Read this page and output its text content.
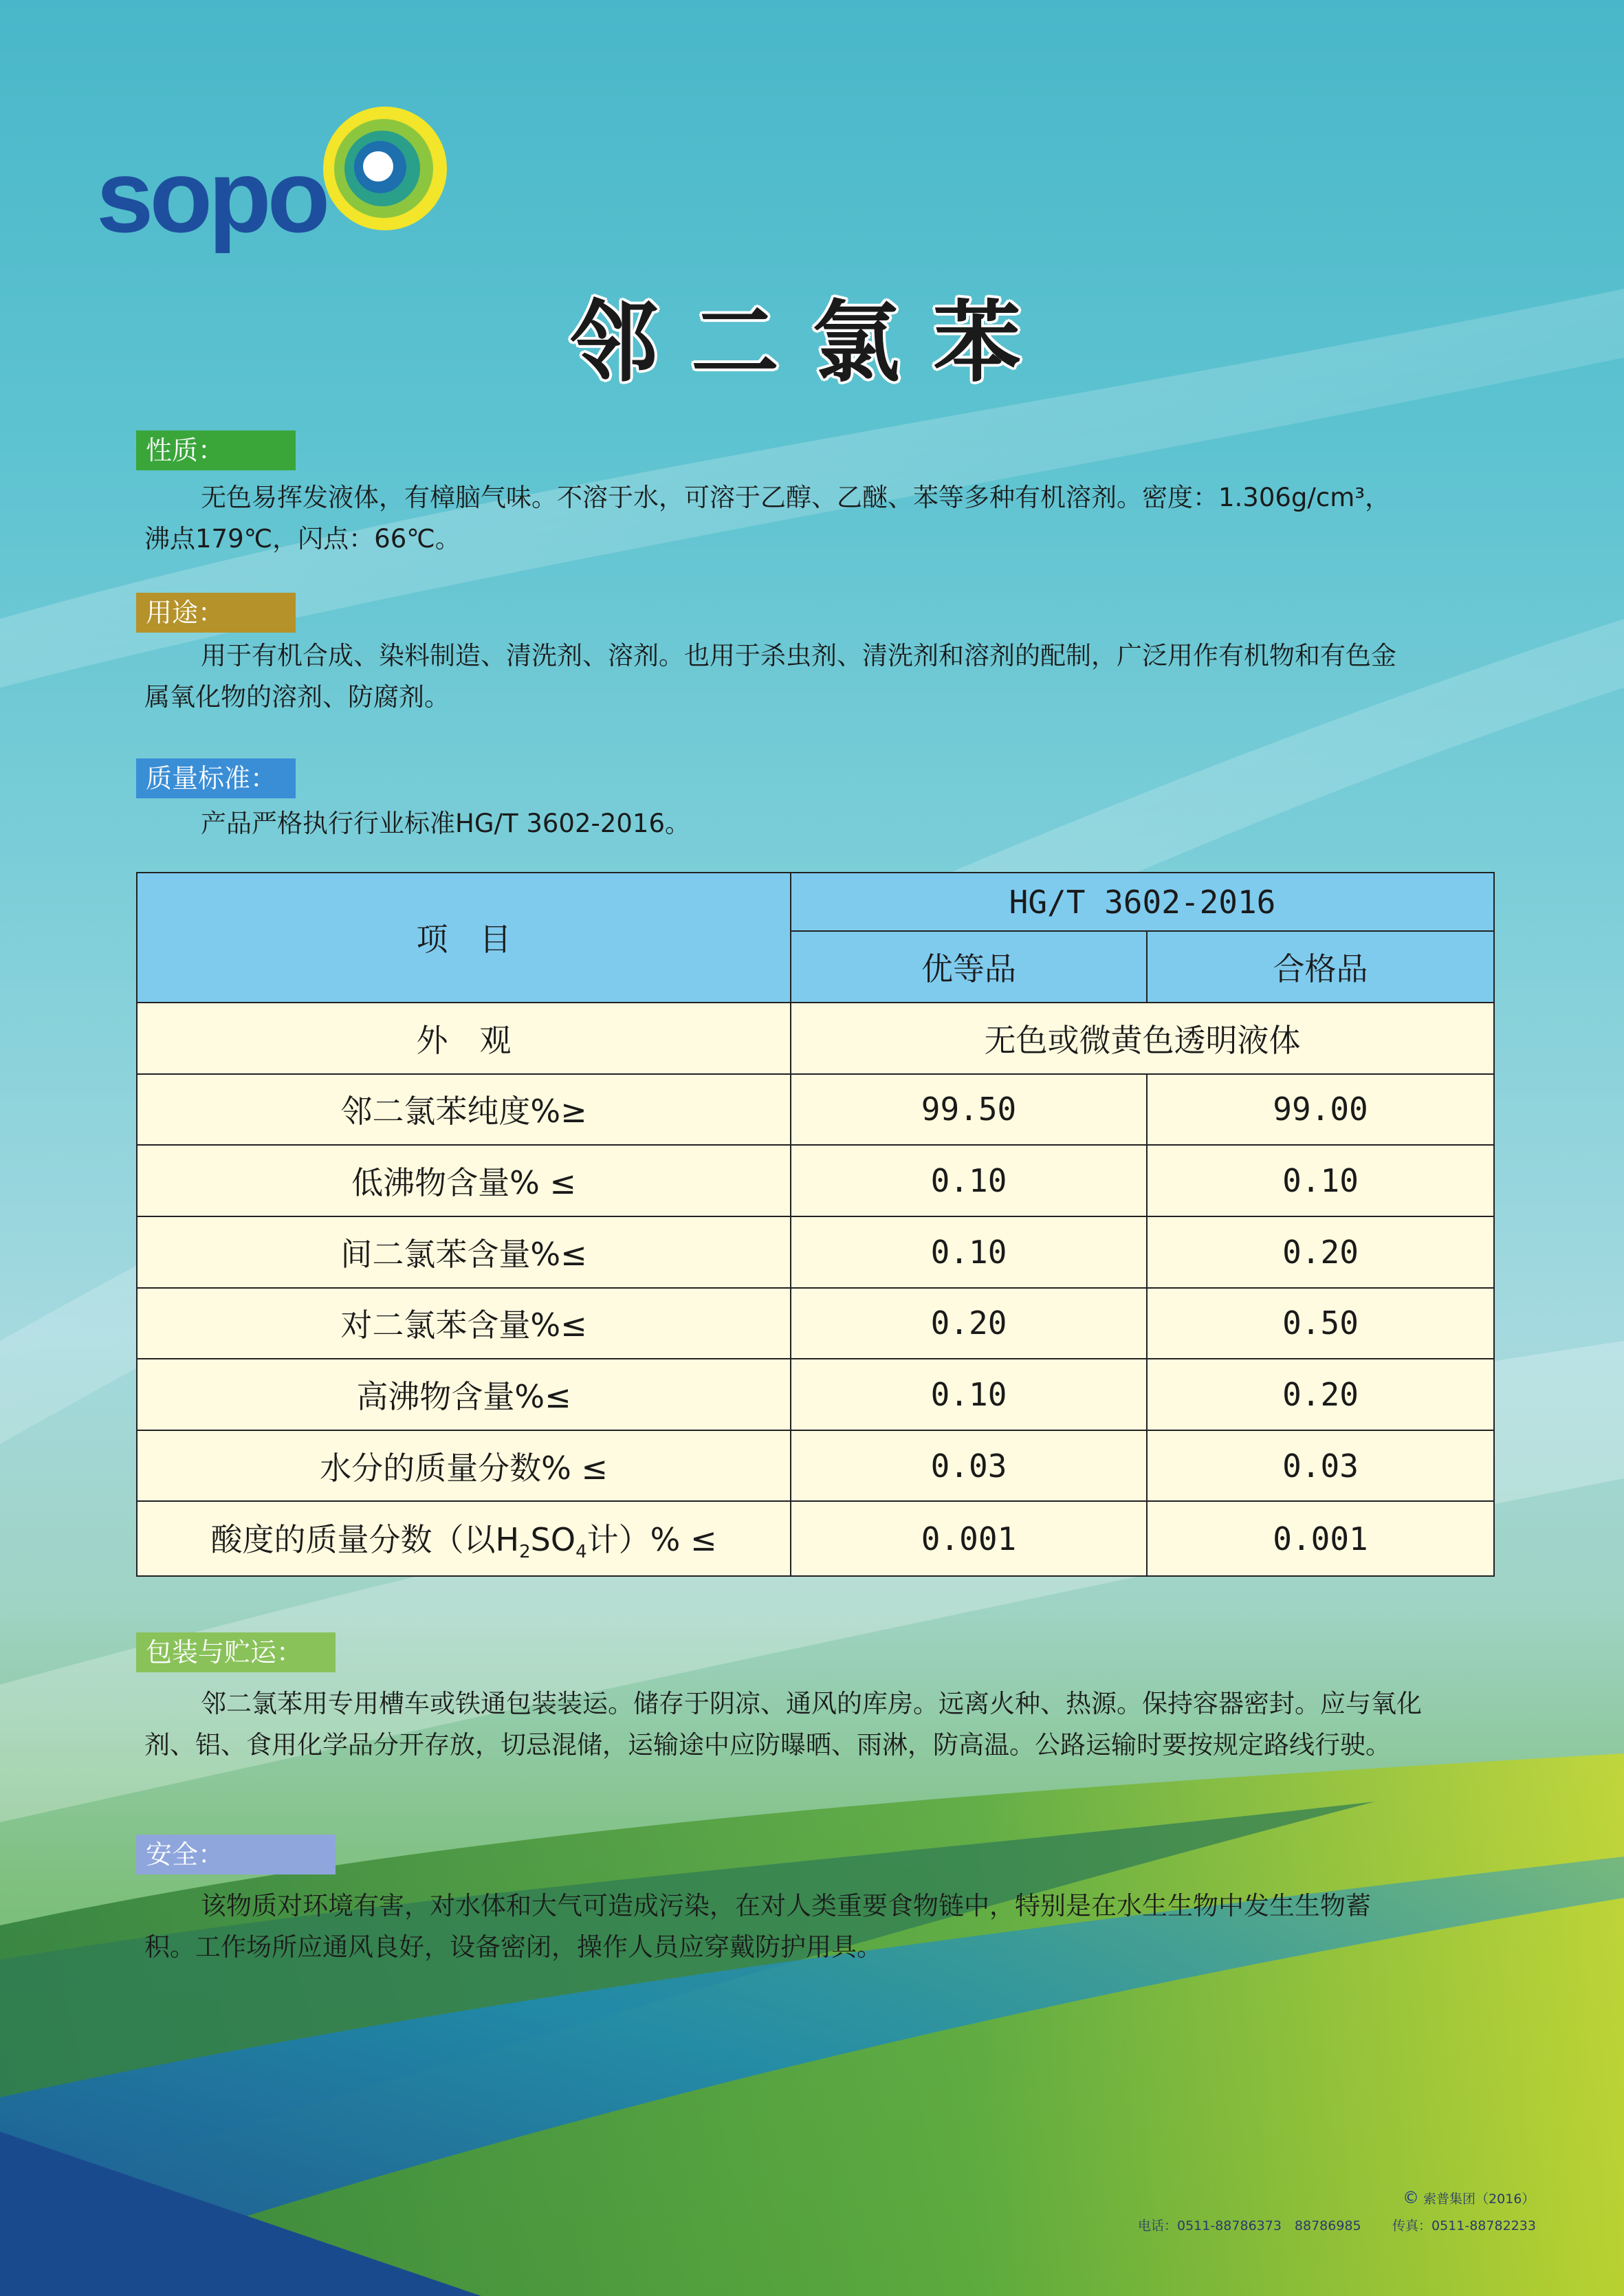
sopo
邻二氯苯
性质：
无色易挥发液体，有樟脑气味。不溶于水，可溶于乙醇、乙醚、苯等多种有机溶剂。密度：1.306g/cm³，
沸点179℃，闪点：66℃。
用途：
用于有机合成、染料制造、清洗剂、溶剂。也用于杀虫剂、清洗剂和溶剂的配制，广泛用作有机物和有色金
属氧化物的溶剂、防腐剂。
质量标准：
产品严格执行行业标准HG/T 3602-2016。
项　目	HG/T 3602-2016	
	优等品	合格品
外　观	无色或微黄色透明液体	
邻二氯苯纯度%≥	99.50	99.00
低沸物含量% ≤	0.10	0.10
间二氯苯含量%≤	0.10	0.20
对二氯苯含量%≤	0.20	0.50
高沸物含量%≤	0.10	0.20
水分的质量分数% ≤	0.03	0.03
酸度的质量分数（以$H_2SO_4$计）% ≤	0.001	0.001
包装与贮运：
邻二氯苯用专用槽车或铁通包装装运。储存于阴凉、通风的库房。远离火种、热源。保持容器密封。应与氧化
剂、铝、食用化学品分开存放，切忌混储，运输途中应防曝晒、雨淋，防高温。公路运输时要按规定路线行驶。
安全：
该物质对环境有害，对水体和大气可造成污染，在对人类重要食物链中，特别是在水生生物中发生生物蓄
积。工作场所应通风良好，设备密闭，操作人员应穿戴防护用具。
© 索普集团（2016）
电话：0511-88786373　88786985 传真：0511-88782233
